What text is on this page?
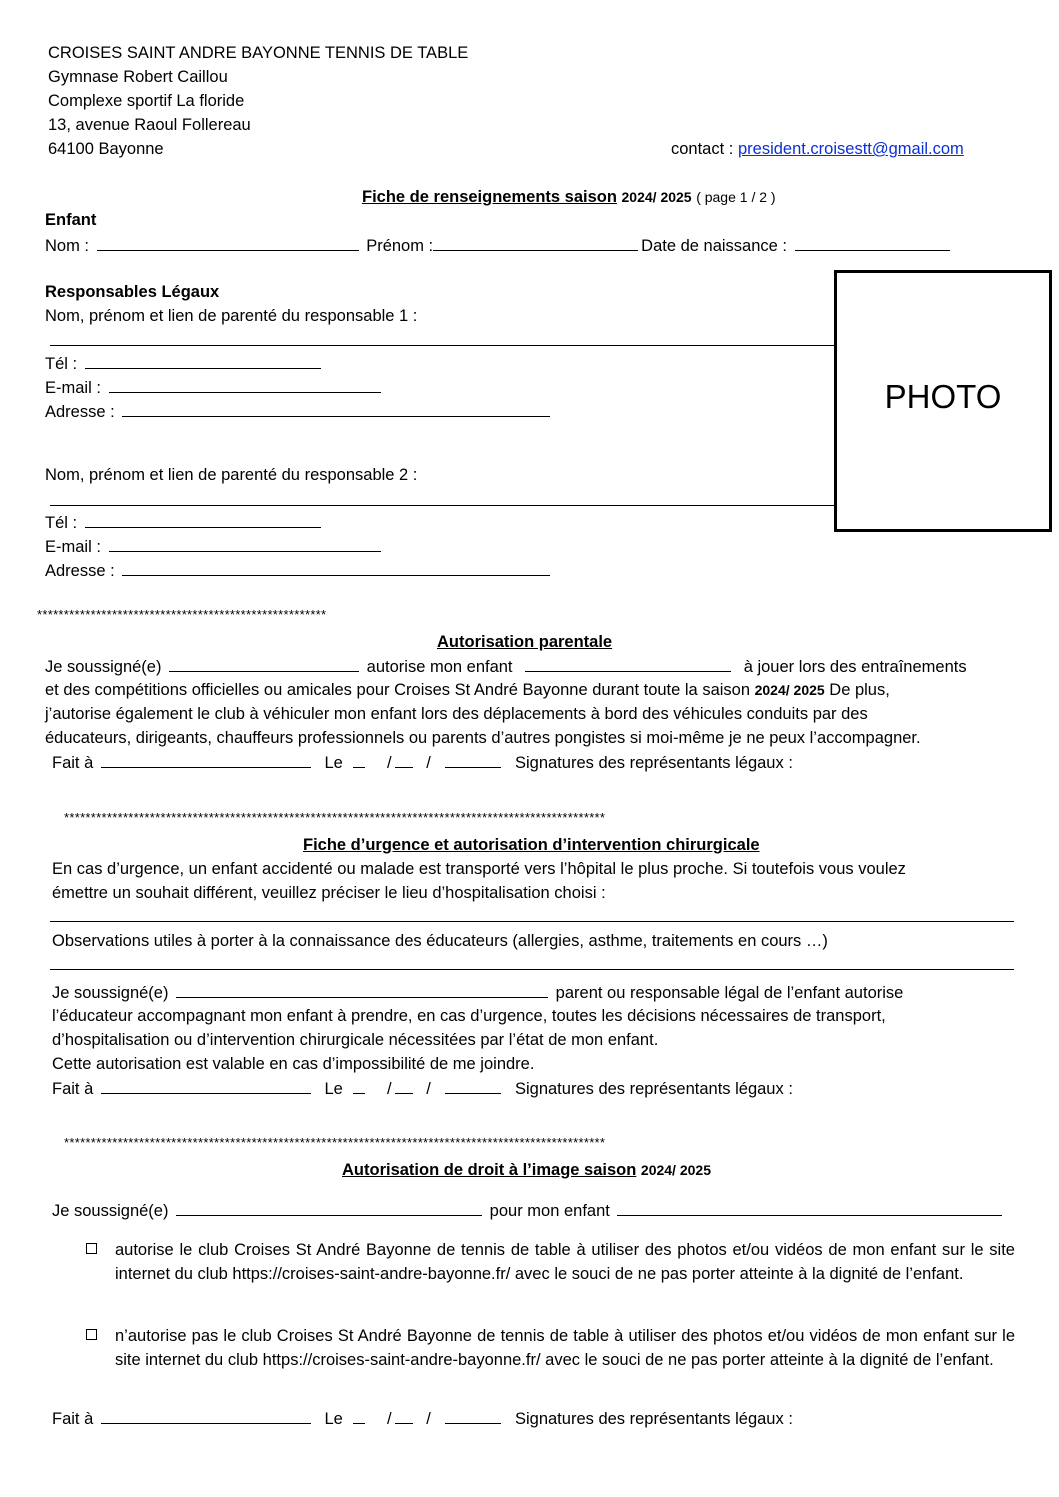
CROISES SAINT ANDRE BAYONNE TENNIS DE TABLE
Gymnase Robert Caillou
Complexe sportif La floride
13, avenue Raoul Follereau
64100 Bayonne	contact : president.croisestt@gmail.com
Fiche de renseignements saison 2024/ 2025 ( page 1 / 2 )
Enfant
Nom :	Prénom :	Date de naissance :
Responsables Légaux
Nom, prénom et lien de parenté du responsable 1 :
Tél :
E-mail :
Adresse :
Nom, prénom et lien de parenté du responsable 2 :
Tél :
E-mail :
Adresse :
PHOTO
******************************************************
Autorisation parentale
Je soussigné(e)	autorise mon enfant	à jouer lors des entraînements
et des compétitions officielles ou amicales pour Croises St André Bayonne durant toute la saison 2024/ 2025 De plus,
j’autorise également le club à véhiculer mon enfant lors des déplacements à bord des véhicules conduits par des
éducateurs, dirigeants, chauffeurs professionnels ou parents d’autres pongistes si moi-même je ne peux l’accompagner.
Fait à	Le	/ /	Signatures des représentants légaux :
*****************************************************************************************************
Fiche d’urgence et autorisation d’intervention chirurgicale
En cas d’urgence, un enfant accidenté ou malade est transporté vers l’hôpital le plus proche. Si toutefois vous voulez
émettre un souhait différent, veuillez préciser le lieu d’hospitalisation choisi :
Observations utiles à porter à la connaissance des éducateurs (allergies, asthme, traitements en cours …)
Je soussigné(e)	parent ou responsable légal de l’enfant autorise
l’éducateur accompagnant mon enfant à prendre, en cas d’urgence, toutes les décisions nécessaires de transport,
d’hospitalisation ou d’intervention chirurgicale nécessitées par l’état de mon enfant.
Cette autorisation est valable en cas d’impossibilité de me joindre.
Fait à	Le	/ /	Signatures des représentants légaux :
*****************************************************************************************************
Autorisation de droit à l’image saison 2024/ 2025
Je soussigné(e)	pour mon enfant
autorise le club Croises St André Bayonne de tennis de table à utiliser des photos et/ou vidéos de mon enfant sur le site internet du club https://croises-saint-andre-bayonne.fr/ avec le souci de ne pas porter atteinte à la dignité de l’enfant.
n’autorise pas le club Croises St André Bayonne de tennis de table à utiliser des photos et/ou vidéos de mon enfant sur le site internet du club https://croises-saint-andre-bayonne.fr/ avec le souci de ne pas porter atteinte à la dignité de l’enfant.
Fait à	Le	/ /	Signatures des représentants légaux :
